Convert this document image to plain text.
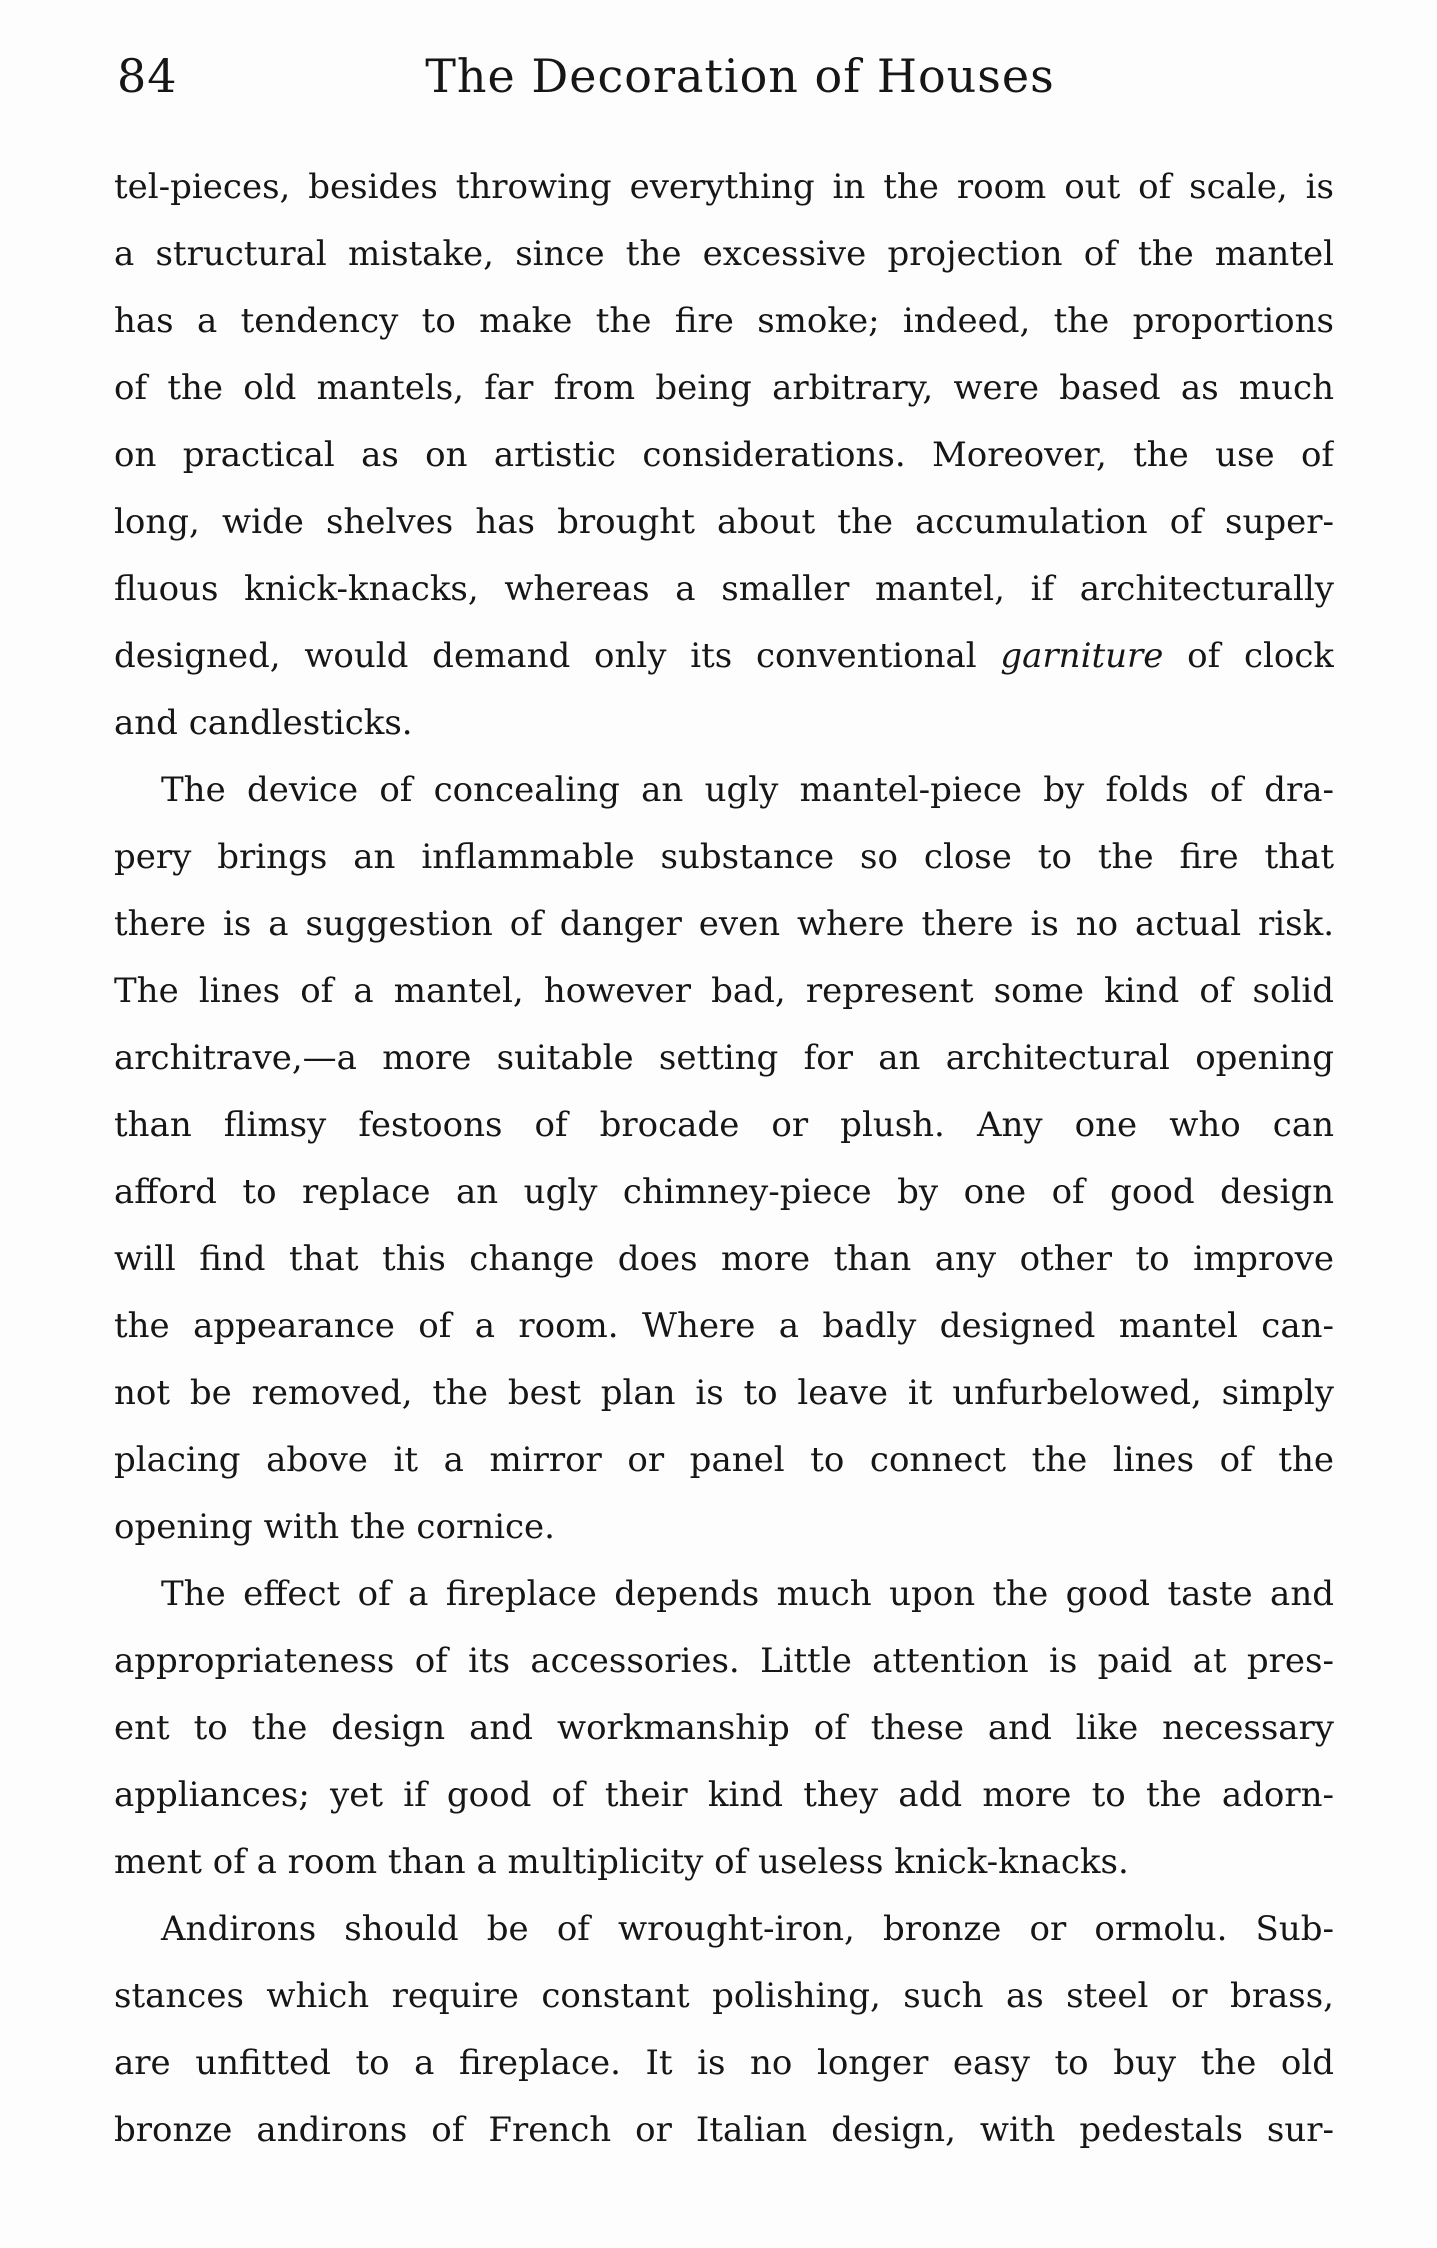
84	The Decoration of Houses
tel-pieces, besides throwing everything in the room out of scale, is
a structural mistake, since the excessive projection of the mantel
has a tendency to make the fire smoke; indeed, the proportions
of the old mantels, far from being arbitrary, were based as much
on practical as on artistic considerations. Moreover, the use of
long, wide shelves has brought about the accumulation of super-
fluous knick-knacks, whereas a smaller mantel, if architecturally
designed, would demand only its conventional garniture of clock
and candlesticks.
The device of concealing an ugly mantel-piece by folds of dra-
pery brings an inflammable substance so close to the fire that
there is a suggestion of danger even where there is no actual risk.
The lines of a mantel, however bad, represent some kind of solid
architrave,—a more suitable setting for an architectural opening
than flimsy festoons of brocade or plush. Any one who can
afford to replace an ugly chimney-piece by one of good design
will find that this change does more than any other to improve
the appearance of a room. Where a badly designed mantel can-
not be removed, the best plan is to leave it unfurbelowed, simply
placing above it a mirror or panel to connect the lines of the
opening with the cornice.
The effect of a fireplace depends much upon the good taste and
appropriateness of its accessories. Little attention is paid at pres-
ent to the design and workmanship of these and like necessary
appliances; yet if good of their kind they add more to the adorn-
ment of a room than a multiplicity of useless knick-knacks.
Andirons should be of wrought-iron, bronze or ormolu. Sub-
stances which require constant polishing, such as steel or brass,
are unfitted to a fireplace. It is no longer easy to buy the old
bronze andirons of French or Italian design, with pedestals sur-
